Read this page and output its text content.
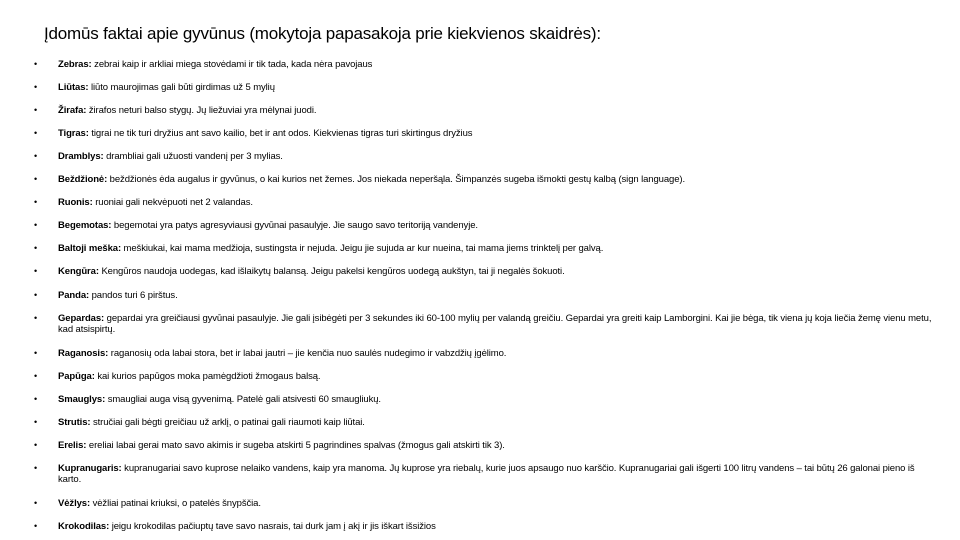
Įdomūs faktai apie gyvūnus (mokytoja papasakoja prie kiekvienos skaidrės):
• Zebras: zebrai kaip ir arkliai miega stovėdami ir tik tada, kada nėra pavojaus
• Liūtas: liūto maurojimas gali būti girdimas už 5 mylių
• Žirafa: žirafos neturi balso stygų. Jų liežuviai yra mėlynai juodi.
• Tigras: tigrai ne tik turi dryžius ant savo kailio, bet ir ant odos. Kiekvienas tigras turi skirtingus dryžius
• Dramblys: drambliai gali užuosti vandenį per 3 mylias.
• Beždžionė: beždžionės ėda augalus ir gyvūnus, o kai kurios net žemes. Jos niekada neperšąla. Šimpanzės sugeba išmokti gestų kalbą (sign language).
• Ruonis: ruoniai gali nekvėpuoti net 2 valandas.
• Begemotas: begemotai yra patys agresyviausi gyvūnai pasaulyje. Jie saugo savo teritoriją vandenyje.
• Baltoji meška: meškiukai, kai mama medžioja, sustingsta ir nejuda. Jeigu jie sujuda ar kur nueina, tai mama jiems trinktelį per galvą.
• Kengūra: Kengūros naudoja uodegas, kad išlaikytų balansą. Jeigu pakelsi kengūros uodegą aukštyn, tai ji negalės šokuoti.
• Panda: pandos turi 6 pirštus.
• Gepardas: gepardai yra greičiausi gyvūnai pasaulyje. Jie gali įsibėgėti per 3 sekundes iki 60-100 mylių per valandą greičiu. Gepardai yra greiti kaip Lamborgini. Kai jie bėga, tik viena jų koja liečia žemę vienu metu, kad atsispirtų.
• Raganosis: raganosių oda labai stora, bet ir labai jautri – jie kenčia nuo saulės nudegimo ir vabzdžių įgėlimo.
• Papūga: kai kurios papūgos moka pamėgdžioti žmogaus balsą.
• Smauglys: smaugliai auga visą gyvenimą. Patelė gali atsivesti 60 smaugliukų.
• Strutis: stručiai gali bėgti greičiau už arklį, o patinai gali riaumoti kaip liūtai.
• Erelis: ereliai labai gerai mato savo akimis ir sugeba atskirti 5 pagrindines spalvas (žmogus gali atskirti tik 3).
• Kupranugaris: kupranugariai savo kuprose nelaiko vandens, kaip yra manoma. Jų kuprose yra riebalų, kurie juos apsaugo nuo karščio. Kupranugariai gali išgerti 100 litrų vandens – tai būtų 26 galonai pieno iš karto.
• Vėžlys: vėžliai patinai kriuksi, o patelės šnypščia.
• Krokodilas: jeigu krokodilas pačiuptų tave savo nasrais, tai durk jam į akį ir jis iškart išsižios
